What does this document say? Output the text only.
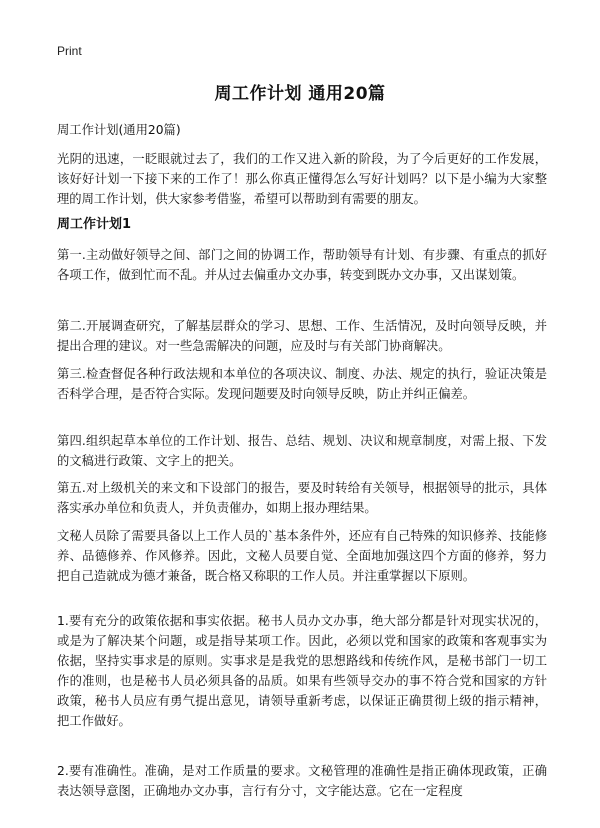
Print
周工作计划 通用20篇

周工作计划(通用20篇)

光阴的迅速，一眨眼就过去了，我们的工作又进入新的阶段，为了今后更好的工作发展，该好好计划一下接下来的工作了！那么你真正懂得怎么写好计划吗？以下是小编为大家整理的周工作计划，供大家参考借鉴，希望可以帮助到有需要的朋友。

周工作计划1

第一.主动做好领导之间、部门之间的协调工作，帮助领导有计划、有步骤、有重点的抓好各项工作，做到忙而不乱。并从过去偏重办文办事，转变到既办文办事，又出谋划策。

第二.开展调查研究，了解基层群众的学习、思想、工作、生活情况，及时向领导反映，并提出合理的建议。对一些急需解决的问题，应及时与有关部门协商解决。

第三.检查督促各种行政法规和本单位的各项决议、制度、办法、规定的执行，验证决策是否科学合理，是否符合实际。发现问题要及时向领导反映，防止并纠正偏差。

第四.组织起草本单位的工作计划、报告、总结、规划、决议和规章制度，对需上报、下发的文稿进行政策、文字上的把关。

第五.对上级机关的来文和下设部门的报告，要及时转给有关领导，根据领导的批示，具体落实承办单位和负责人，并负责催办，如期上报办理结果。

文秘人员除了需要具备以上工作人员的`基本条件外，还应有自己特殊的知识修养、技能修养、品德修养、作风修养。因此，文秘人员要自觉、全面地加强这四个方面的修养，努力把自己造就成为德才兼备，既合格又称职的工作人员。并注重掌握以下原则。

1.要有充分的政策依据和事实依据。秘书人员办文办事，绝大部分都是针对现实状况的，或是为了解决某个问题，或是指导某项工作。因此，必须以党和国家的政策和客观事实为依据，坚持实事求是的原则。实事求是是我党的思想路线和传统作风，是秘书部门一切工作的准则，也是秘书人员必须具备的品质。如果有些领导交办的事不符合党和国家的方针政策，秘书人员应有勇气提出意见，请领导重新考虑，以保证正确贯彻上级的指示精神，把工作做好。

2.要有准确性。准确，是对工作质量的要求。文秘管理的准确性是指正确体现政策，正确表达领导意图，正确地办文办事，言行有分寸，文字能达意。它在一定程度
